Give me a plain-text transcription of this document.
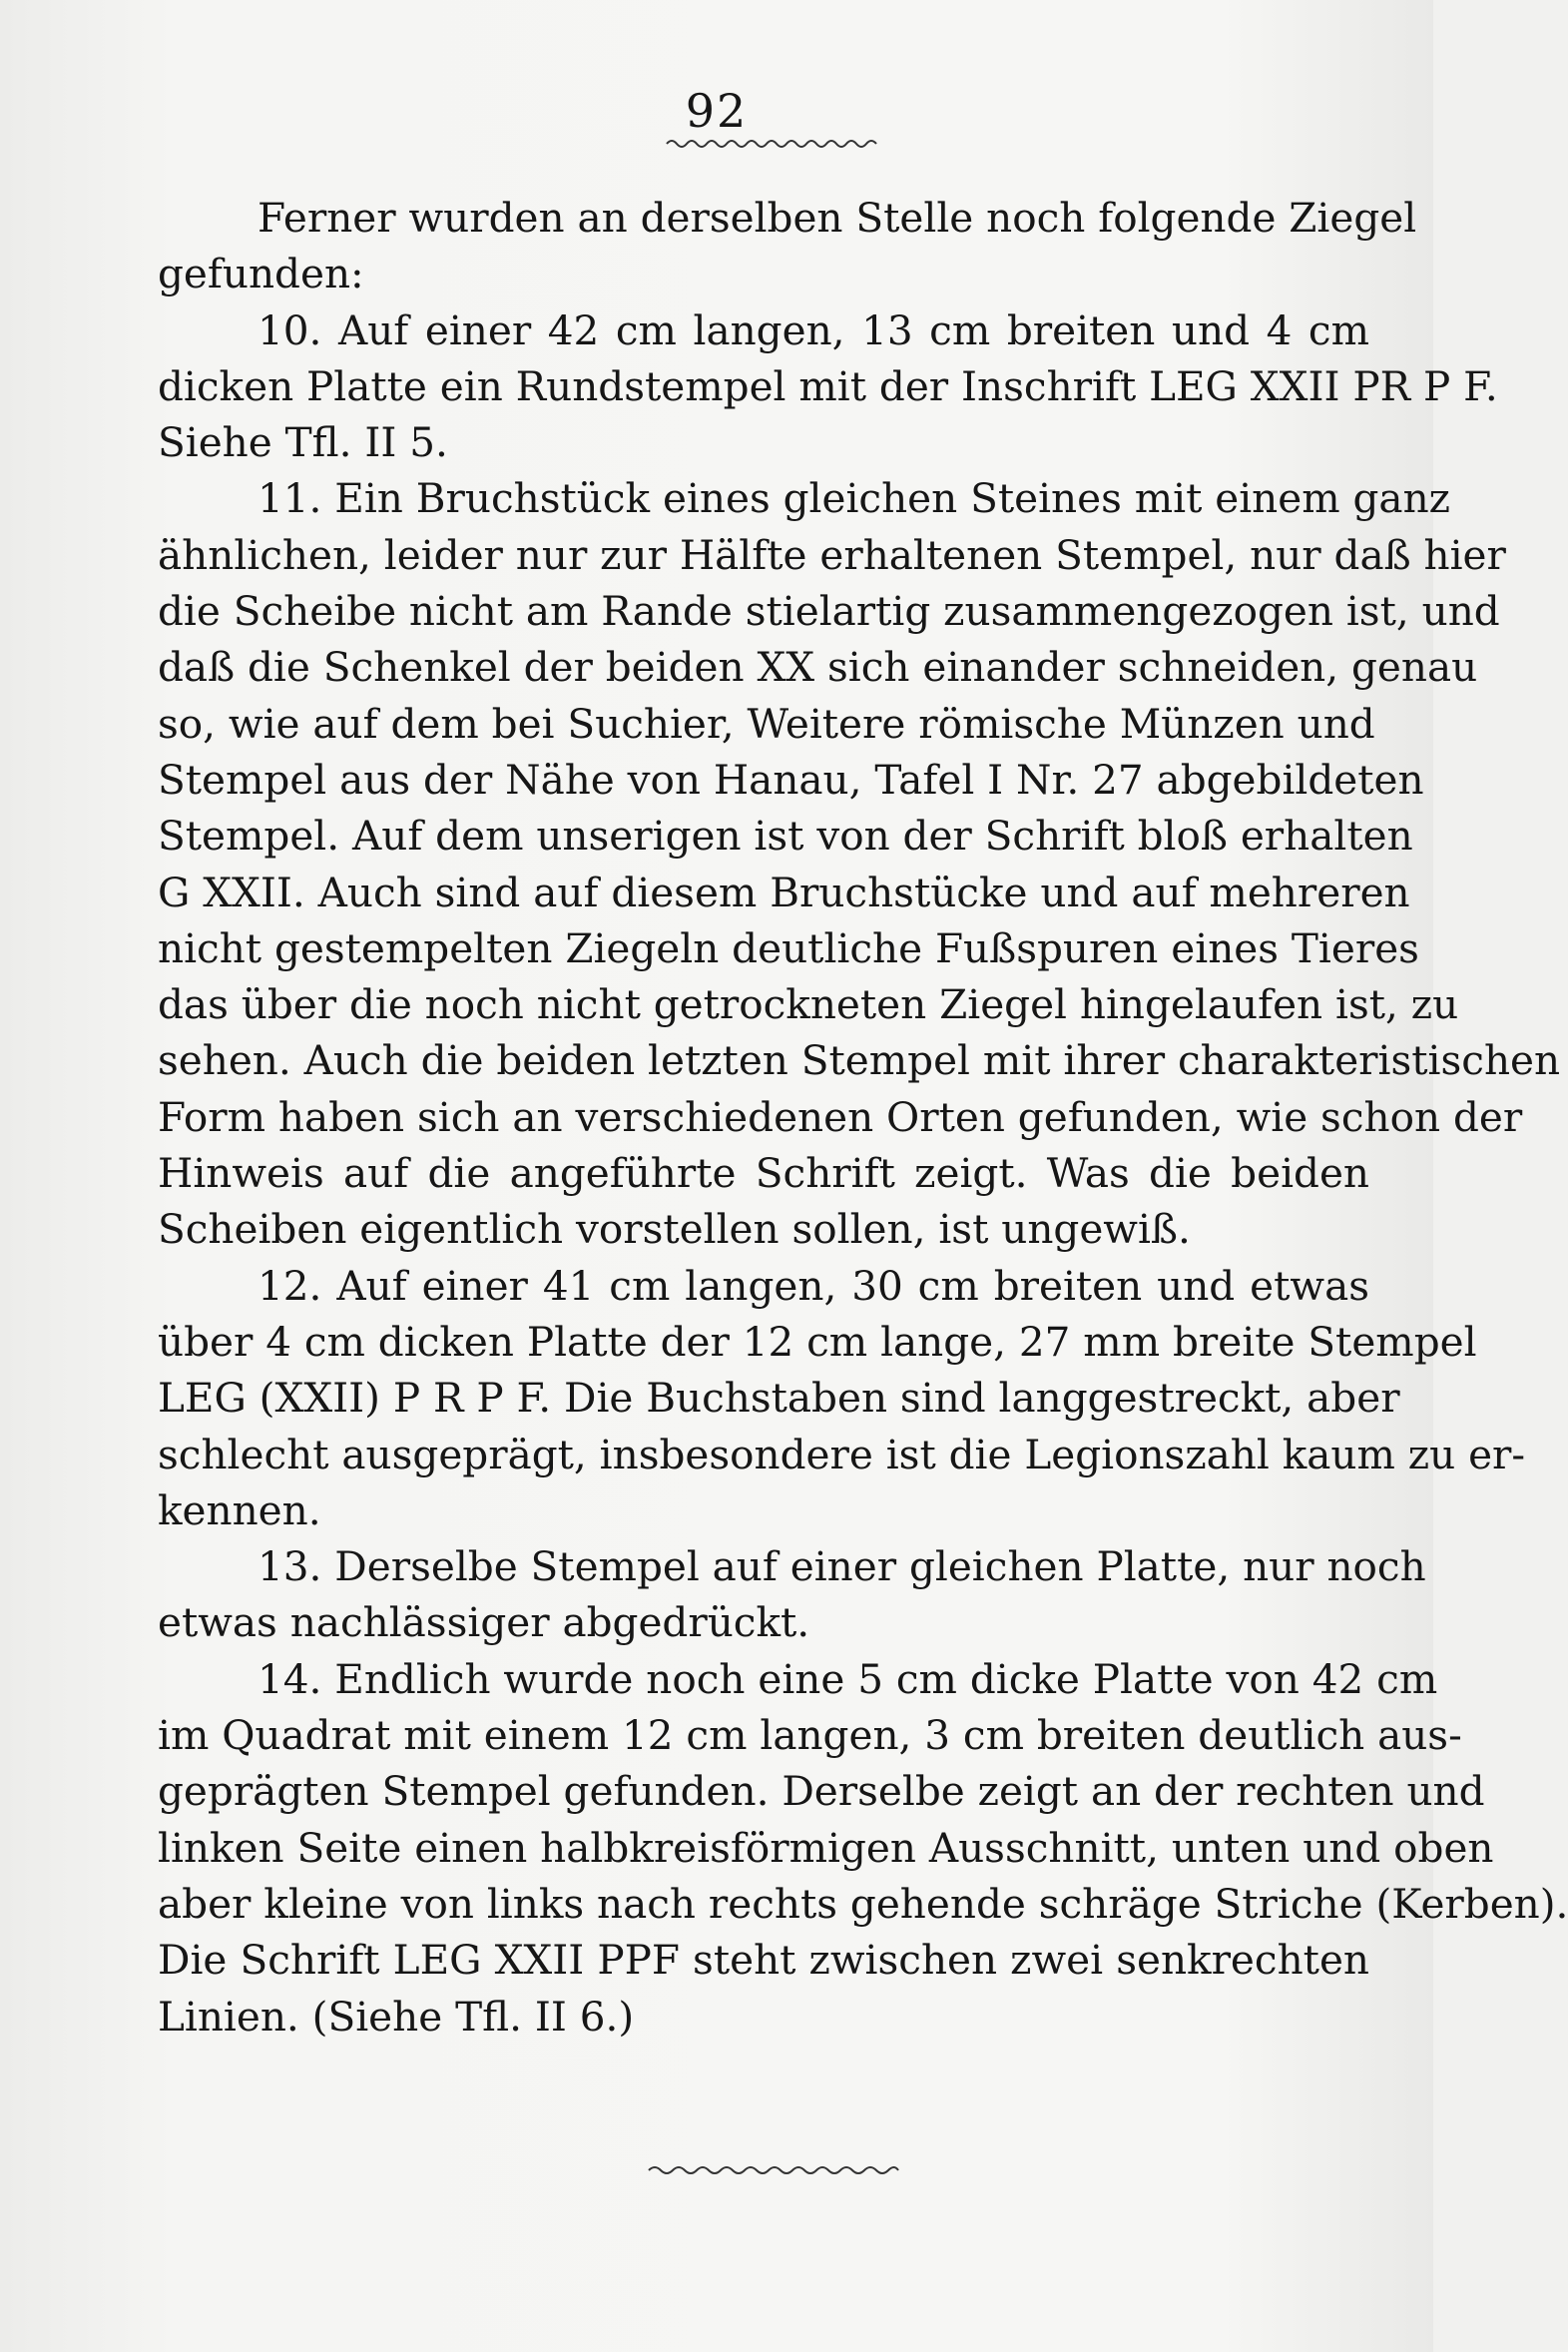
92
Ferner wurden an derselben Stelle noch folgende Ziegel
gefunden:
10. Auf einer 42 cm langen, 13 cm breiten und 4 cm
dicken Platte ein Rundstempel mit der Inschrift LEG XXII PR P F.
Siehe Tfl. II 5.
11. Ein Bruchstück eines gleichen Steines mit einem ganz
ähnlichen, leider nur zur Hälfte erhaltenen Stempel, nur daß hier
die Scheibe nicht am Rande stielartig zusammengezogen ist, und
daß die Schenkel der beiden XX sich einander schneiden, genau
so, wie auf dem bei Suchier, Weitere römische Münzen und
Stempel aus der Nähe von Hanau, Tafel I Nr. 27 abgebildeten
Stempel. Auf dem unserigen ist von der Schrift bloß erhalten
G XXII. Auch sind auf diesem Bruchstücke und auf mehreren
nicht gestempelten Ziegeln deutliche Fußspuren eines Tieres
das über die noch nicht getrockneten Ziegel hingelaufen ist, zu
sehen. Auch die beiden letzten Stempel mit ihrer charakteristischen
Form haben sich an verschiedenen Orten gefunden, wie schon der
Hinweis auf die angeführte Schrift zeigt. Was die beiden
Scheiben eigentlich vorstellen sollen, ist ungewiß.
12. Auf einer 41 cm langen, 30 cm breiten und etwas
über 4 cm dicken Platte der 12 cm lange, 27 mm breite Stempel
LEG (XXII) P R P F. Die Buchstaben sind langgestreckt, aber
schlecht ausgeprägt, insbesondere ist die Legionszahl kaum zu er-
kennen.
13. Derselbe Stempel auf einer gleichen Platte, nur noch
etwas nachlässiger abgedrückt.
14. Endlich wurde noch eine 5 cm dicke Platte von 42 cm
im Quadrat mit einem 12 cm langen, 3 cm breiten deutlich aus-
geprägten Stempel gefunden. Derselbe zeigt an der rechten und
linken Seite einen halbkreisförmigen Ausschnitt, unten und oben
aber kleine von links nach rechts gehende schräge Striche (Kerben).
Die Schrift LEG XXII PPF steht zwischen zwei senkrechten
Linien. (Siehe Tfl. II 6.)
